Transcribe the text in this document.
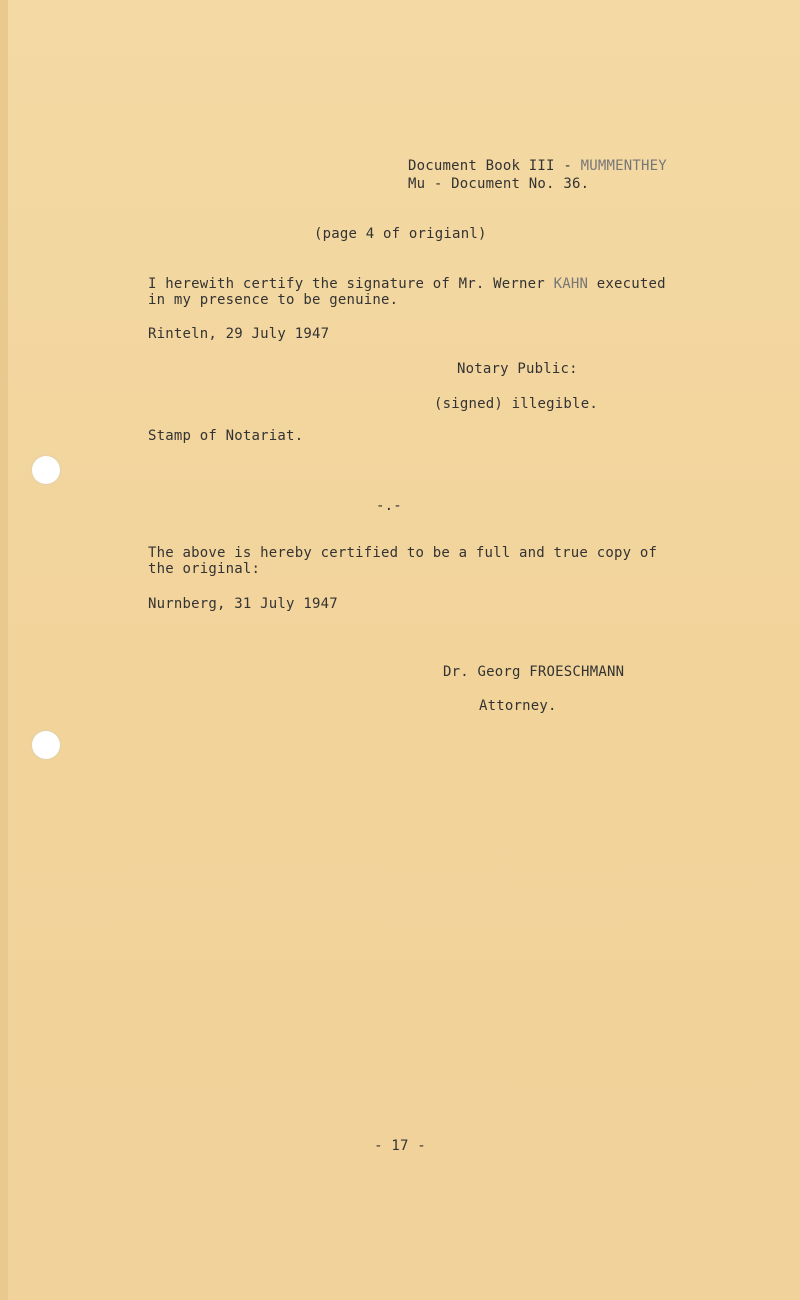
Document Book III - MUMMENTHEY
Mu - Document No. 36.
(page 4 of origianl)
I herewith certify the signature of Mr. Werner KAHN executed
in my presence to be genuine.
Rinteln, 29 July 1947
Notary Public:
(signed) illegible.
Stamp of Notariat.
-.-
The above is hereby certified to be a full and true copy of
the original:
Nurnberg, 31 July 1947
Dr. Georg FROESCHMANN
Attorney.
- 17 -
